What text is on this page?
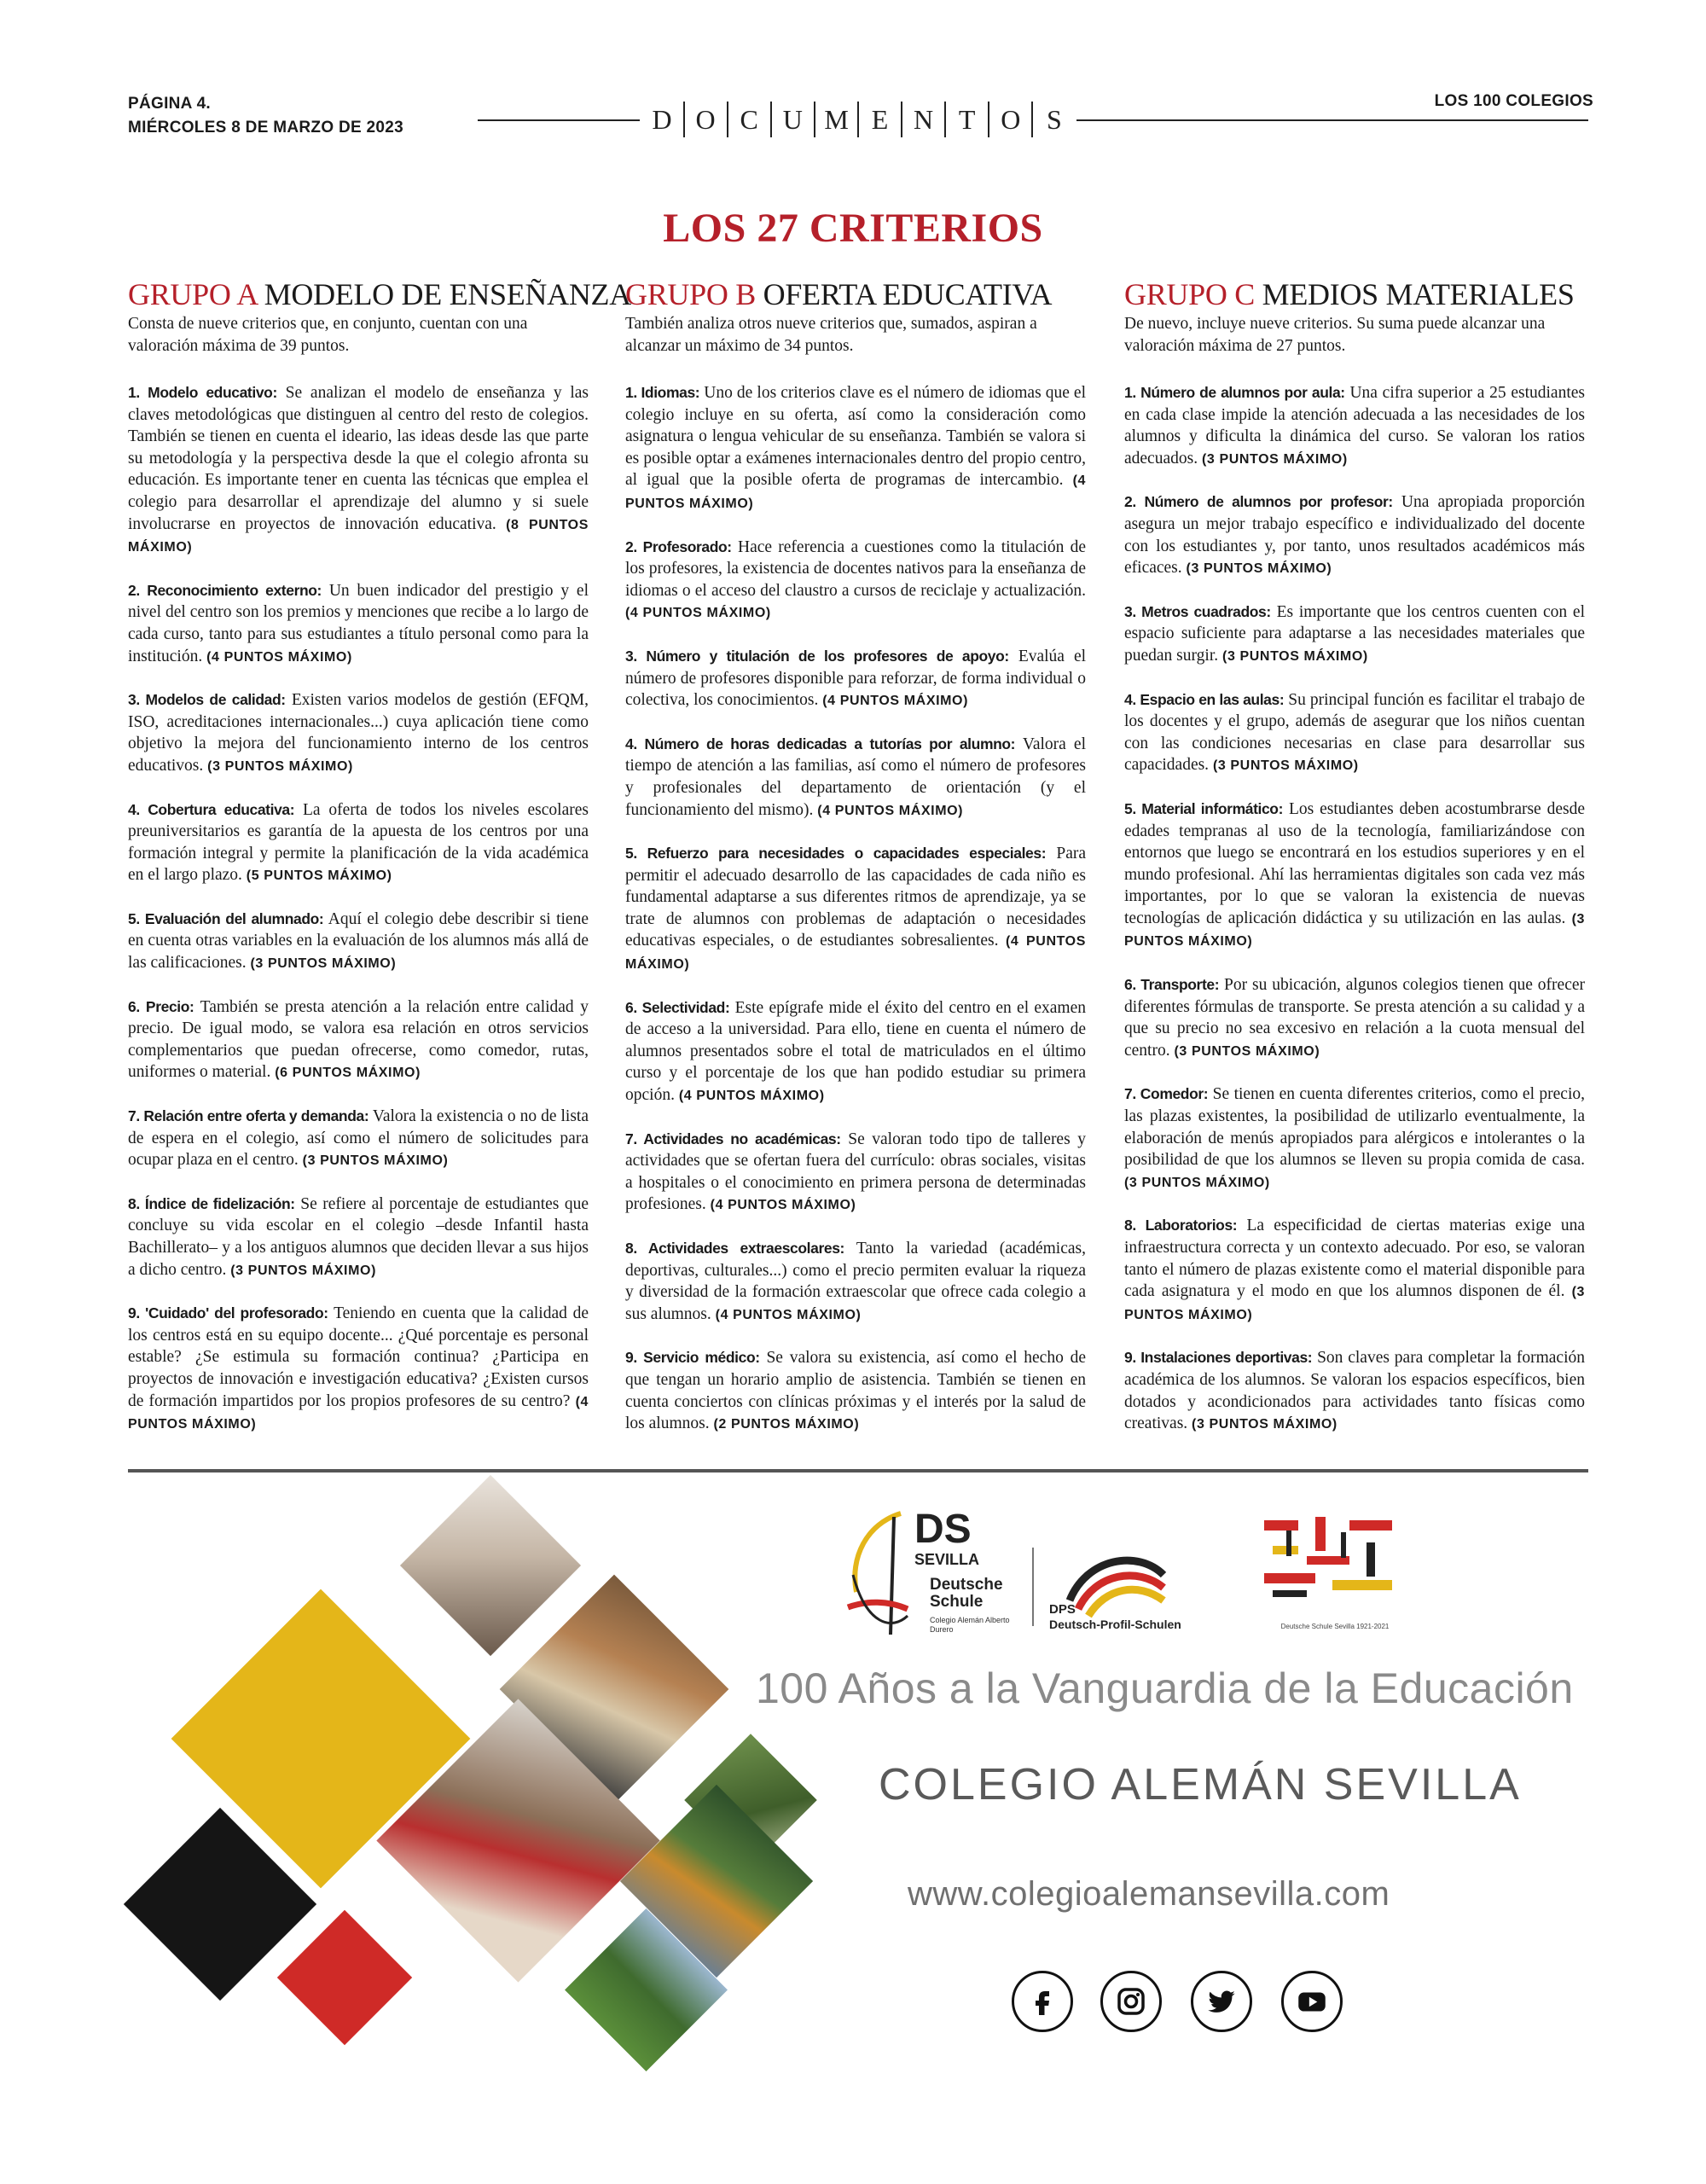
PÁGINA 4.
MIÉRCOLES 8 DE MARZO DE 2023	D O C U M E N T O S
LOS 100 COLEGIOS
LOS 27 CRITERIOS
GRUPO A MODELO DE ENSEÑANZA

Consta de nueve criterios que, en conjunto, cuentan con una valoración máxima de 39 puntos.

1. Modelo educativo: Se analizan el modelo de enseñanza y las claves metodológicas que distinguen al centro del resto de colegios. También se tienen en cuenta el ideario, las ideas desde las que parte su metodología y la perspectiva desde la que el colegio afronta su educación. Es importante tener en cuenta las técnicas que emplea el colegio para desarrollar el aprendizaje del alumno y si suele involucrarse en proyectos de innovación educativa. (8 PUNTOS MÁXIMO)

2. Reconocimiento externo: Un buen indicador del prestigio y el nivel del centro son los premios y menciones que recibe a lo largo de cada curso, tanto para sus estudiantes a título personal como para la institución. (4 PUNTOS MÁXIMO)

3. Modelos de calidad: Existen varios modelos de gestión (EFQM, ISO, acreditaciones internacionales...) cuya aplicación tiene como objetivo la mejora del funcionamiento interno de los centros educativos. (3 PUNTOS MÁXIMO)

4. Cobertura educativa: La oferta de todos los niveles escolares preuniversitarios es garantía de la apuesta de los centros por una formación integral y permite la planificación de la vida académica en el largo plazo. (5 PUNTOS MÁXIMO)

5. Evaluación del alumnado: Aquí el colegio debe describir si tiene en cuenta otras variables en la evaluación de los alumnos más allá de las calificaciones. (3 PUNTOS MÁXIMO)

6. Precio: También se presta atención a la relación entre calidad y precio. De igual modo, se valora esa relación en otros servicios complementarios que puedan ofrecerse, como comedor, rutas, uniformes o material. (6 PUNTOS MÁXIMO)

7. Relación entre oferta y demanda: Valora la existencia o no de lista de espera en el colegio, así como el número de solicitudes para ocupar plaza en el centro. (3 PUNTOS MÁXIMO)

8. Índice de fidelización: Se refiere al porcentaje de estudiantes que concluye su vida escolar en el colegio –desde Infantil hasta Bachillerato– y a los antiguos alumnos que deciden llevar a sus hijos a dicho centro. (3 PUNTOS MÁXIMO)

9. 'Cuidado' del profesorado: Teniendo en cuenta que la calidad de los centros está en su equipo docente... ¿Qué porcentaje es personal estable? ¿Se estimula su formación continua? ¿Participa en proyectos de innovación e investigación educativa? ¿Existen cursos de formación impartidos por los propios profesores de su centro? (4 PUNTOS MÁXIMO)

GRUPO B OFERTA EDUCATIVA

También analiza otros nueve criterios que, sumados, aspiran a alcanzar un máximo de 34 puntos.

1. Idiomas: Uno de los criterios clave es el número de idiomas que el colegio incluye en su oferta, así como la consideración como asignatura o lengua vehicular de su enseñanza. También se valora si es posible optar a exámenes internacionales dentro del propio centro, al igual que la posible oferta de programas de intercambio. (4 PUNTOS MÁXIMO)

2. Profesorado: Hace referencia a cuestiones como la titulación de los profesores, la existencia de docentes nativos para la enseñanza de idiomas o el acceso del claustro a cursos de reciclaje y actualización. (4 PUNTOS MÁXIMO)

3. Número y titulación de los profesores de apoyo: Evalúa el número de profesores disponible para reforzar, de forma individual o colectiva, los conocimientos. (4 PUNTOS MÁXIMO)

4. Número de horas dedicadas a tutorías por alumno: Valora el tiempo de atención a las familias, así como el número de profesores y profesionales del departamento de orientación (y el funcionamiento del mismo). (4 PUNTOS MÁXIMO)

5. Refuerzo para necesidades o capacidades especiales: Para permitir el adecuado desarrollo de las capacidades de cada niño es fundamental adaptarse a sus diferentes ritmos de aprendizaje, ya se trate de alumnos con problemas de adaptación o necesidades educativas especiales, o de estudiantes sobresalientes. (4 PUNTOS MÁXIMO)

6. Selectividad: Este epígrafe mide el éxito del centro en el examen de acceso a la universidad. Para ello, tiene en cuenta el número de alumnos presentados sobre el total de matriculados en el último curso y el porcentaje de los que han podido estudiar su primera opción. (4 PUNTOS MÁXIMO)

7. Actividades no académicas: Se valoran todo tipo de talleres y actividades que se ofertan fuera del currículo: obras sociales, visitas a hospitales o el conocimiento en primera persona de determinadas profesiones. (4 PUNTOS MÁXIMO)

8. Actividades extraescolares: Tanto la variedad (académicas, deportivas, culturales...) como el precio permiten evaluar la riqueza y diversidad de la formación extraescolar que ofrece cada colegio a sus alumnos. (4 PUNTOS MÁXIMO)

9. Servicio médico: Se valora su existencia, así como el hecho de que tengan un horario amplio de asistencia. También se tienen en cuenta conciertos con clínicas próximas y el interés por la salud de los alumnos. (2 PUNTOS MÁXIMO)

GRUPO C MEDIOS MATERIALES

De nuevo, incluye nueve criterios. Su suma puede alcanzar una valoración máxima de 27 puntos.

1. Número de alumnos por aula: Una cifra superior a 25 estudiantes en cada clase impide la atención adecuada a las necesidades de los alumnos y dificulta la dinámica del curso. Se valoran los ratios adecuados. (3 PUNTOS MÁXIMO)

2. Número de alumnos por profesor: Una apropiada proporción asegura un mejor trabajo específico e individualizado del docente con los estudiantes y, por tanto, unos resultados académicos más eficaces. (3 PUNTOS MÁXIMO)

3. Metros cuadrados: Es importante que los centros cuenten con el espacio suficiente para adaptarse a las necesidades materiales que puedan surgir. (3 PUNTOS MÁXIMO)

4. Espacio en las aulas: Su principal función es facilitar el trabajo de los docentes y el grupo, además de asegurar que los niños cuentan con las condiciones necesarias en clase para desarrollar sus capacidades. (3 PUNTOS MÁXIMO)

5. Material informático: Los estudiantes deben acostumbrarse desde edades tempranas al uso de la tecnología, familiarizándose con entornos que luego se encontrará en los estudios superiores y en el mundo profesional. Ahí las herramientas digitales son cada vez más importantes, por lo que se valoran la existencia de nuevas tecnologías de aplicación didáctica y su utilización en las aulas. (3 PUNTOS MÁXIMO)

6. Transporte: Por su ubicación, algunos colegios tienen que ofrecer diferentes fórmulas de transporte. Se presta atención a su calidad y a que su precio no sea excesivo en relación a la cuota mensual del centro. (3 PUNTOS MÁXIMO)

7. Comedor: Se tienen en cuenta diferentes criterios, como el precio, las plazas existentes, la posibilidad de utilizarlo eventualmente, la elaboración de menús apropiados para alérgicos e intolerantes o la posibilidad de que los alumnos se lleven su propia comida de casa. (3 PUNTOS MÁXIMO)

8. Laboratorios: La especificidad de ciertas materias exige una infraestructura correcta y un contexto adecuado. Por eso, se valoran tanto el número de plazas existente como el material disponible para cada asignatura y el modo en que los alumnos disponen de él. (3 PUNTOS MÁXIMO)

9. Instalaciones deportivas: Son claves para completar la formación académica de los alumnos. Se valoran los espacios específicos, bien dotados y acondicionados para actividades tanto físicas como creativas. (3 PUNTOS MÁXIMO)

DS
SEVILLA
Deutsche Schule
Colegio Alemán Alberto Durero
DPS
Deutsch-Profil-Schulen	Deutsche Schule Sevilla 1921-2021
100 Años a la Vanguardia de la Educación
COLEGIO ALEMÁN SEVILLA
www.colegioalemansevilla.com
